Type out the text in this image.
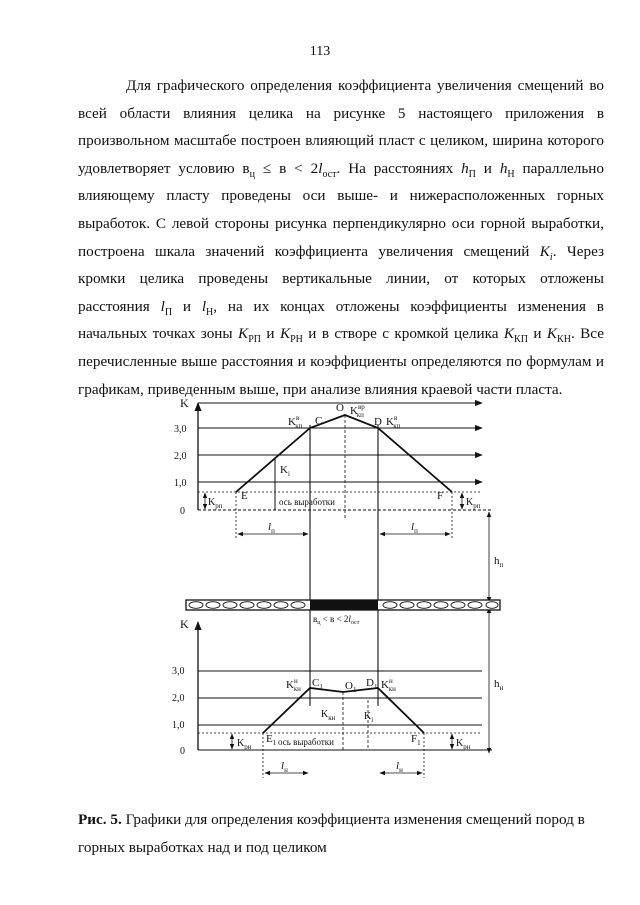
113

Для графического определения коэффициента увеличения смещений во всей области влияния целика на рисунке 5 настоящего приложения в произвольном масштабе построен влияющий пласт с целиком, ширина которого удовлетворяет условию $в_ц \le в < 2l_{ост}$. На расстояниях $h_П$ и $h_Н$ параллельно влияющему пласту проведены оси выше- и нижерасположенных горных выработок. С левой стороны рисунка перпендикулярно оси горной выработки, построена шкала значений коэффициента увеличения смещений $K_i$. Через кромки целика проведены вертикальные линии, от которых отложены расстояния $l_П$ и $l_Н$, на их концах отложены коэффициенты изменения в начальных точках зоны $K_{РП}$ и $K_{РН}$ и в створе с кромкой целика $K_{КП}$ и $K_{КН}$. Все перечисленные выше расстояния и коэффициенты определяются по формулам и графикам, приведенным выше, при анализе влияния краевой части пласта.

K
3,0
2,0
1,0
0
$K^в$ кп C
O $K^{вр}$ кп
D $K^в$ кп
$K_i$
E	F
$K_{рп}$	$K_{рп}$
ось выработки
$l_п$	$l_п$
$h_п$
$в_ц < в < 2l_{ост}$
K
3,0
2,0
1,0
0
$K^н$ кн $C_1$ $O_1$
$D_1$ $K^н$ кн
$K_{кн}$	$K_i$
$E_1$	$F_1$
$K_{рн}$	$K_{рн}$
ось выработки
$l_н$	$l_н$
$h_н$

Рис. 5. Графики для определения коэффициента изменения смещений пород в горных выработках над и под целиком
